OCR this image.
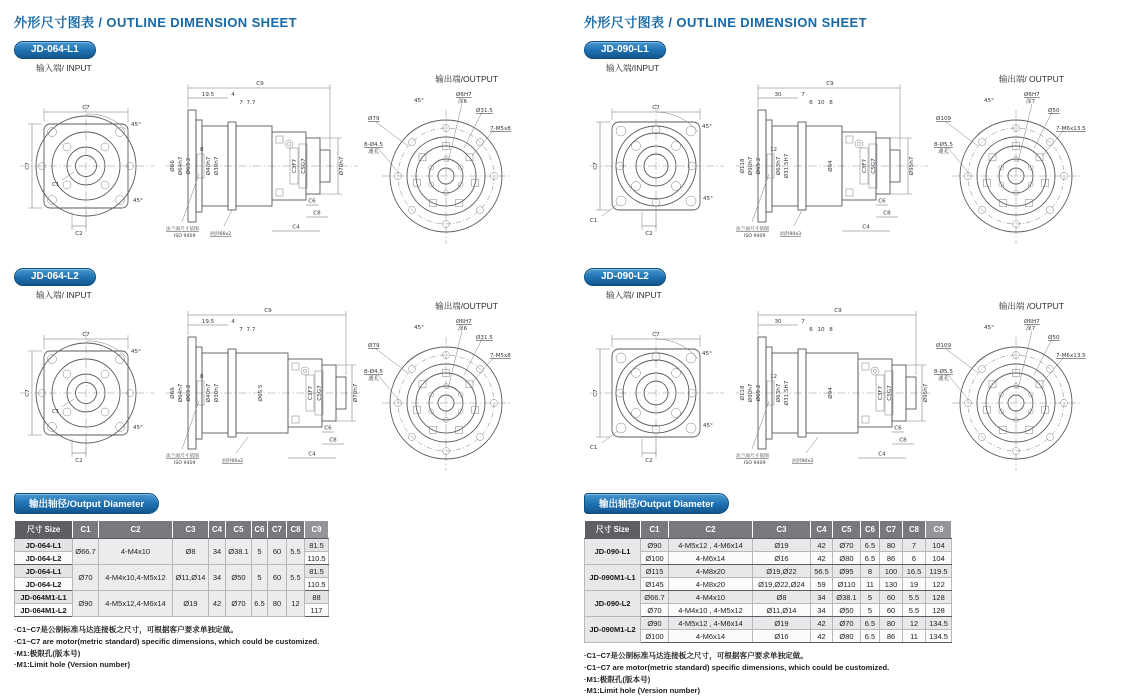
外形尺寸图表 / OUTLINE DIMENSION SHEET
JD-064-L1
输入端/ INPUT
输出端/OUTPUT
C7
C7
C2
45°
45°
C1
C9
19.5	4
7 7.7
Ø66 Ø64h7 Ø63.2	Ø40h7 Ø30h7
8
C3F7 C5G7	Ø70h7
C6
C8
C4
法兰面尺寸依图
ISO 9409	油封66x2
Ø79
8-Ø4.5
通孔
45°
Ø6H7
深6
Ø31.5
7-M5x8
JD-064-L2
输入端/ INPUT
输出端/OUTPUT
C7
C7
C2
45°
45°
C1
C9
19.5	4
7 7.7
Ø66 Ø64h7 Ø63.2	Ø40h7 Ø30h7
8
Ø65.5	C3F7 C5G7	Ø70h7
C6
C8
C4
法兰面尺寸依图
ISO 9409	油封66x2
Ø79
8-Ø4.5
通孔
45°
Ø6H7
深6
Ø31.5
7-M5x8
输出轴径/Output Diameter
尺寸 Size	C1	C2	C3	C4	C5	C6	C7	C8	C9
JD-064-L1	Ø66.7	4-M4x10	Ø8	34	Ø38.1	5	60	5.5	81.5
JD-064-L2									110.5
JD-064-L1	Ø70	4-M4x10,4-M5x12	Ø11,Ø14	34	Ø50	5	60	5.5	81.5
JD-064-L2									110.5
JD-064M1-L1	Ø90	4-M5x12,4-M6x14	Ø19	42	Ø70	6.5	80	12	88
JD-064M1-L2									117
·C1~C7是公制标准马达连接板之尺寸，可根据客户要求单独定做。
·C1~C7 are motor(metric standard) specific dimensions, which could be customized.
·M1:极限孔(版本号)
·M1:Limit hole (Version number)
外形尺寸图表 / OUTLINE DIMENSION SHEET
JD-090-L1
输入端/INPUT
输出端/ OUTPUT
C7
C7
C2
45°
45°
C1
C9
30	7
6 10 8
Ø118 Ø90h7 Ø69.2	Ø63h7 Ø31.5H7
12
Ø94	C3F7 C5G7	Ø95h7
C6
C8
C4
法兰面尺寸依图
ISO 9409	油封90x3
Ø109
8-Ø5.5
通孔
45°
Ø6H7
深7
Ø50
7-M6x13.5
JD-090-L2
输入端/ INPUT
输出端 /OUTPUT
C7
C7
C2
45°
45°
C1
C9
30	7
6 10 8
Ø118 Ø90h7 Ø69.2	Ø63h7 Ø31.5H7
12
Ø94	C3F7 C5G7	Ø95h7
C6
C8
C4
法兰面尺寸依图
ISO 9409	油封90x3
Ø109
8-Ø5.5
通孔
45°
Ø6H7
深7
Ø50
7-M6x13.5
输出轴径/Output Diameter
尺寸 Size	C1	C2	C3	C4	C5	C6	C7	C8	C9
JD-090-L1	Ø90	4-M5x12 , 4-M6x14	Ø19	42	Ø70	6.5	80	7	104
	Ø100	4-M6x14	Ø16	42	Ø80	6.5	86	6	104
JD-090M1-L1	Ø115	4-M8x20	Ø19,Ø22	56.5	Ø95	8	100	16.5	119.5
	Ø145	4-M8x20	Ø19,Ø22,Ø24	59	Ø110	11	130	19	122
JD-090-L2	Ø66.7	4-M4x10	Ø8	34	Ø38.1	5	60	5.5	128
	Ø70	4-M4x10 , 4-M5x12	Ø11,Ø14	34	Ø50	5	60	5.5	128
JD-090M1-L2	Ø90	4-M5x12 , 4-M6x14	Ø19	42	Ø70	6.5	80	12	134.5
	Ø100	4-M6x14	Ø16	42	Ø80	6.5	86	11	134.5
·C1~C7是公制标准马达连接板之尺寸，可根据客户要求单独定做。
·C1~C7 are motor(metric standard) specific dimensions, which could be customized.
·M1:极限孔(版本号)
·M1:Limit hole (Version number)
